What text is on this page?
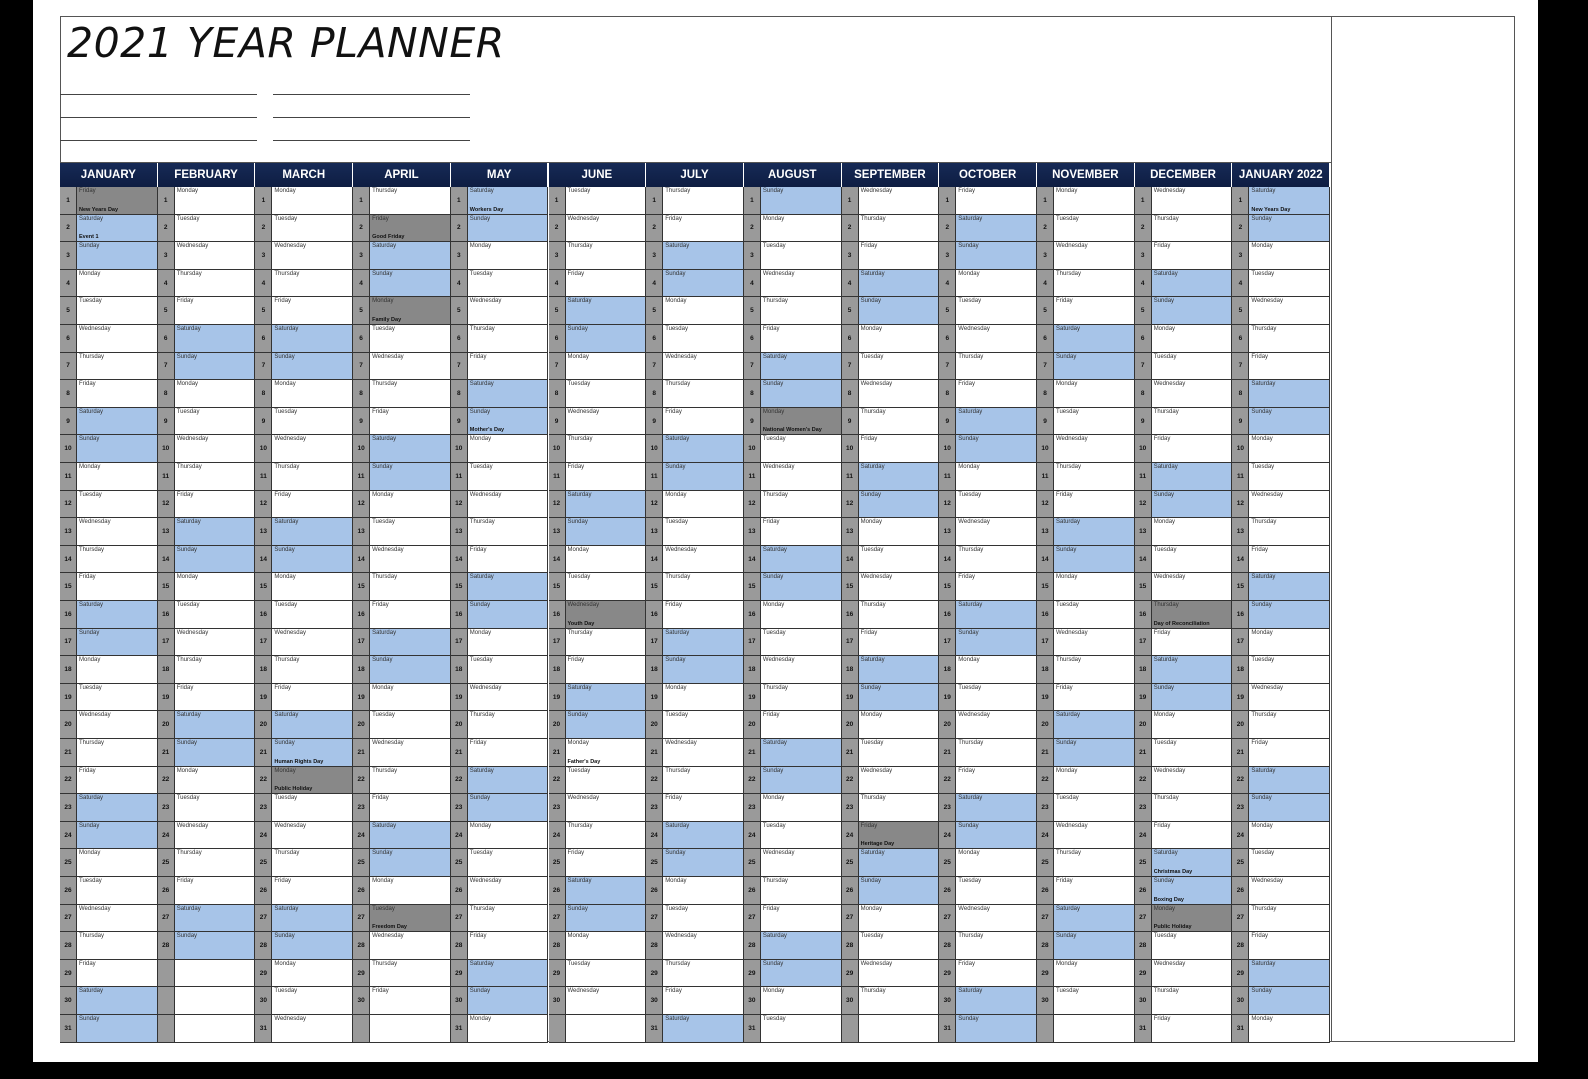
2021 YEAR PLANNER
JANUARY
1
Friday
New Years Day
2
Saturday
Event 1
3
Sunday
4
Monday
5
Tuesday
6
Wednesday
7
Thursday
8
Friday
9
Saturday
10
Sunday
11
Monday
12
Tuesday
13
Wednesday
14
Thursday
15
Friday
16
Saturday
17
Sunday
18
Monday
19
Tuesday
20
Wednesday
21
Thursday
22
Friday
23
Saturday
24
Sunday
25
Monday
26
Tuesday
27
Wednesday
28
Thursday
29
Friday
30
Saturday
31
Sunday
FEBRUARY
1
Monday
2
Tuesday
3
Wednesday
4
Thursday
5
Friday
6
Saturday
7
Sunday
8
Monday
9
Tuesday
10
Wednesday
11
Thursday
12
Friday
13
Saturday
14
Sunday
15
Monday
16
Tuesday
17
Wednesday
18
Thursday
19
Friday
20
Saturday
21
Sunday
22
Monday
23
Tuesday
24
Wednesday
25
Thursday
26
Friday
27
Saturday
28
Sunday
MARCH
1
Monday
2
Tuesday
3
Wednesday
4
Thursday
5
Friday
6
Saturday
7
Sunday
8
Monday
9
Tuesday
10
Wednesday
11
Thursday
12
Friday
13
Saturday
14
Sunday
15
Monday
16
Tuesday
17
Wednesday
18
Thursday
19
Friday
20
Saturday
21
Sunday
Human Rights Day
22
Monday
Public Holiday
23
Tuesday
24
Wednesday
25
Thursday
26
Friday
27
Saturday
28
Sunday
29
Monday
30
Tuesday
31
Wednesday
APRIL
1
Thursday
2
Friday
Good Friday
3
Saturday
4
Sunday
5
Monday
Family Day
6
Tuesday
7
Wednesday
8
Thursday
9
Friday
10
Saturday
11
Sunday
12
Monday
13
Tuesday
14
Wednesday
15
Thursday
16
Friday
17
Saturday
18
Sunday
19
Monday
20
Tuesday
21
Wednesday
22
Thursday
23
Friday
24
Saturday
25
Sunday
26
Monday
27
Tuesday
Freedom Day
28
Wednesday
29
Thursday
30
Friday
MAY
1
Saturday
Workers Day
2
Sunday
3
Monday
4
Tuesday
5
Wednesday
6
Thursday
7
Friday
8
Saturday
9
Sunday
Mother's Day
10
Monday
11
Tuesday
12
Wednesday
13
Thursday
14
Friday
15
Saturday
16
Sunday
17
Monday
18
Tuesday
19
Wednesday
20
Thursday
21
Friday
22
Saturday
23
Sunday
24
Monday
25
Tuesday
26
Wednesday
27
Thursday
28
Friday
29
Saturday
30
Sunday
31
Monday
JUNE
1
Tuesday
2
Wednesday
3
Thursday
4
Friday
5
Saturday
6
Sunday
7
Monday
8
Tuesday
9
Wednesday
10
Thursday
11
Friday
12
Saturday
13
Sunday
14
Monday
15
Tuesday
16
Wednesday
Youth Day
17
Thursday
18
Friday
19
Saturday
20
Sunday
21
Monday
Father's Day
22
Tuesday
23
Wednesday
24
Thursday
25
Friday
26
Saturday
27
Sunday
28
Monday
29
Tuesday
30
Wednesday
JULY
1
Thursday
2
Friday
3
Saturday
4
Sunday
5
Monday
6
Tuesday
7
Wednesday
8
Thursday
9
Friday
10
Saturday
11
Sunday
12
Monday
13
Tuesday
14
Wednesday
15
Thursday
16
Friday
17
Saturday
18
Sunday
19
Monday
20
Tuesday
21
Wednesday
22
Thursday
23
Friday
24
Saturday
25
Sunday
26
Monday
27
Tuesday
28
Wednesday
29
Thursday
30
Friday
31
Saturday
AUGUST
1
Sunday
2
Monday
3
Tuesday
4
Wednesday
5
Thursday
6
Friday
7
Saturday
8
Sunday
9
Monday
National Women's Day
10
Tuesday
11
Wednesday
12
Thursday
13
Friday
14
Saturday
15
Sunday
16
Monday
17
Tuesday
18
Wednesday
19
Thursday
20
Friday
21
Saturday
22
Sunday
23
Monday
24
Tuesday
25
Wednesday
26
Thursday
27
Friday
28
Saturday
29
Sunday
30
Monday
31
Tuesday
SEPTEMBER
1
Wednesday
2
Thursday
3
Friday
4
Saturday
5
Sunday
6
Monday
7
Tuesday
8
Wednesday
9
Thursday
10
Friday
11
Saturday
12
Sunday
13
Monday
14
Tuesday
15
Wednesday
16
Thursday
17
Friday
18
Saturday
19
Sunday
20
Monday
21
Tuesday
22
Wednesday
23
Thursday
24
Friday
Heritage Day
25
Saturday
26
Sunday
27
Monday
28
Tuesday
29
Wednesday
30
Thursday
OCTOBER
1
Friday
2
Saturday
3
Sunday
4
Monday
5
Tuesday
6
Wednesday
7
Thursday
8
Friday
9
Saturday
10
Sunday
11
Monday
12
Tuesday
13
Wednesday
14
Thursday
15
Friday
16
Saturday
17
Sunday
18
Monday
19
Tuesday
20
Wednesday
21
Thursday
22
Friday
23
Saturday
24
Sunday
25
Monday
26
Tuesday
27
Wednesday
28
Thursday
29
Friday
30
Saturday
31
Sunday
NOVEMBER
1
Monday
2
Tuesday
3
Wednesday
4
Thursday
5
Friday
6
Saturday
7
Sunday
8
Monday
9
Tuesday
10
Wednesday
11
Thursday
12
Friday
13
Saturday
14
Sunday
15
Monday
16
Tuesday
17
Wednesday
18
Thursday
19
Friday
20
Saturday
21
Sunday
22
Monday
23
Tuesday
24
Wednesday
25
Thursday
26
Friday
27
Saturday
28
Sunday
29
Monday
30
Tuesday
DECEMBER
1
Wednesday
2
Thursday
3
Friday
4
Saturday
5
Sunday
6
Monday
7
Tuesday
8
Wednesday
9
Thursday
10
Friday
11
Saturday
12
Sunday
13
Monday
14
Tuesday
15
Wednesday
16
Thursday
Day of Reconciliation
17
Friday
18
Saturday
19
Sunday
20
Monday
21
Tuesday
22
Wednesday
23
Thursday
24
Friday
25
Saturday
Christmas Day
26
Sunday
Boxing Day
27
Monday
Public Holiday
28
Tuesday
29
Wednesday
30
Thursday
31
Friday
JANUARY 2022
1
Saturday
New Years Day
2
Sunday
3
Monday
4
Tuesday
5
Wednesday
6
Thursday
7
Friday
8
Saturday
9
Sunday
10
Monday
11
Tuesday
12
Wednesday
13
Thursday
14
Friday
15
Saturday
16
Sunday
17
Monday
18
Tuesday
19
Wednesday
20
Thursday
21
Friday
22
Saturday
23
Sunday
24
Monday
25
Tuesday
26
Wednesday
27
Thursday
28
Friday
29
Saturday
30
Sunday
31
Monday
